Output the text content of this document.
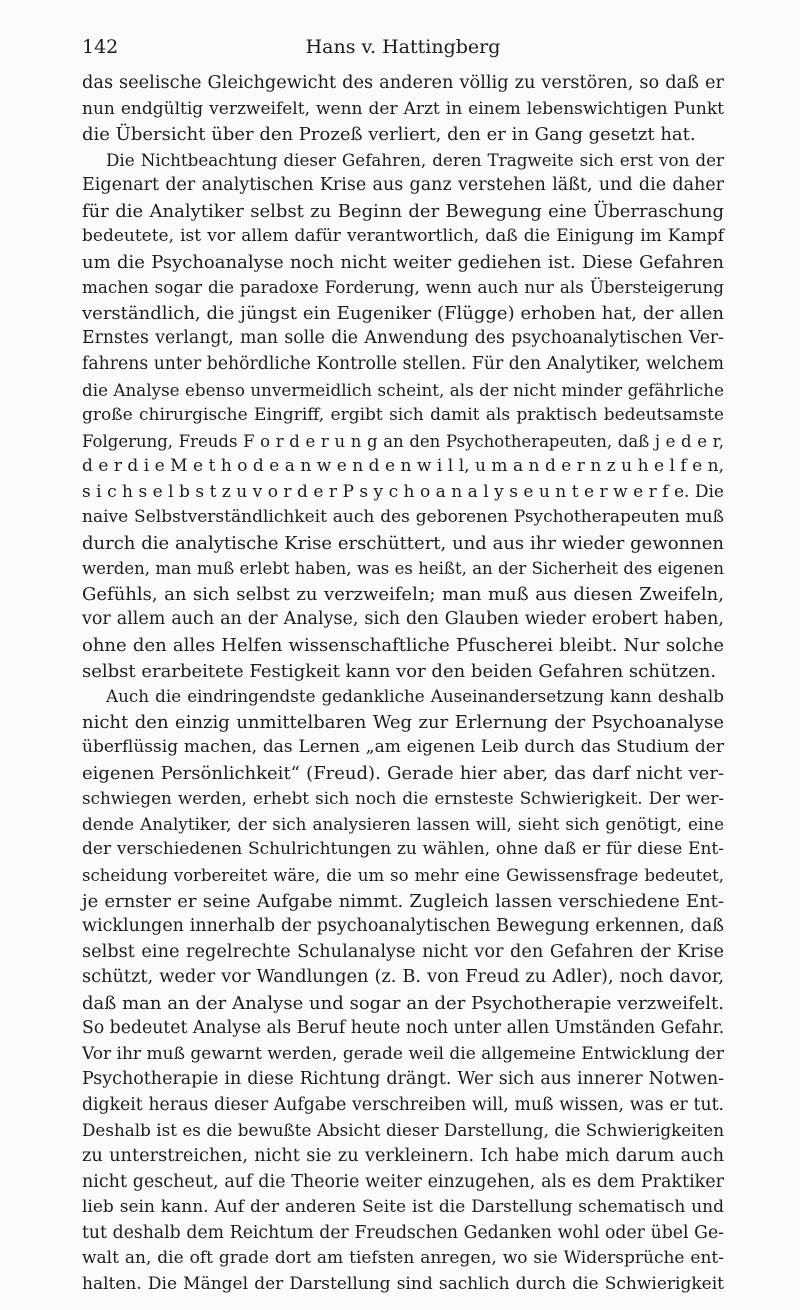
142	Hans v. Hattingberg
das seelische Gleichgewicht des anderen völlig zu verstören, so daß er
nun endgültig verzweifelt, wenn der Arzt in einem lebenswichtigen Punkt
die Übersicht über den Prozeß verliert, den er in Gang gesetzt hat.
Die Nichtbeachtung dieser Gefahren, deren Tragweite sich erst von der
Eigenart der analytischen Krise aus ganz verstehen läßt, und die daher
für die Analytiker selbst zu Beginn der Bewegung eine Überraschung
bedeutete, ist vor allem dafür verantwortlich, daß die Einigung im Kampf
um die Psychoanalyse noch nicht weiter gediehen ist. Diese Gefahren
machen sogar die paradoxe Forderung, wenn auch nur als Übersteigerung
verständlich, die jüngst ein Eugeniker (Flügge) erhoben hat, der allen
Ernstes verlangt, man solle die Anwendung des psychoanalytischen Ver-
fahrens unter behördliche Kontrolle stellen. Für den Analytiker, welchem
die Analyse ebenso unvermeidlich scheint, als der nicht minder gefährliche
große chirurgische Eingriff, ergibt sich damit als praktisch bedeutsamste
Folgerung, Freuds F o r d e r u n g an den Psychotherapeuten, daß j e d e r,
d e r d i e M e t h o d e a n w e n d e n w i l l, u m a n d e r n z u h e l f e n,
s i c h s e l b s t z u v o r d e r P s y c h o a n a l y s e u n t e r w e r f e. Die
naive Selbstverständlichkeit auch des geborenen Psychotherapeuten muß
durch die analytische Krise erschüttert, und aus ihr wieder gewonnen
werden, man muß erlebt haben, was es heißt, an der Sicherheit des eigenen
Gefühls, an sich selbst zu verzweifeln; man muß aus diesen Zweifeln,
vor allem auch an der Analyse, sich den Glauben wieder erobert haben,
ohne den alles Helfen wissenschaftliche Pfuscherei bleibt. Nur solche
selbst erarbeitete Festigkeit kann vor den beiden Gefahren schützen.
Auch die eindringendste gedankliche Auseinandersetzung kann deshalb
nicht den einzig unmittelbaren Weg zur Erlernung der Psychoanalyse
überflüssig machen, das Lernen „am eigenen Leib durch das Studium der
eigenen Persönlichkeit“ (Freud). Gerade hier aber, das darf nicht ver-
schwiegen werden, erhebt sich noch die ernsteste Schwierigkeit. Der wer-
dende Analytiker, der sich analysieren lassen will, sieht sich genötigt, eine
der verschiedenen Schulrichtungen zu wählen, ohne daß er für diese Ent-
scheidung vorbereitet wäre, die um so mehr eine Gewissensfrage bedeutet,
je ernster er seine Aufgabe nimmt. Zugleich lassen verschiedene Ent-
wicklungen innerhalb der psychoanalytischen Bewegung erkennen, daß
selbst eine regelrechte Schulanalyse nicht vor den Gefahren der Krise
schützt, weder vor Wandlungen (z. B. von Freud zu Adler), noch davor,
daß man an der Analyse und sogar an der Psychotherapie verzweifelt.
So bedeutet Analyse als Beruf heute noch unter allen Umständen Gefahr.
Vor ihr muß gewarnt werden, gerade weil die allgemeine Entwicklung der
Psychotherapie in diese Richtung drängt. Wer sich aus innerer Notwen-
digkeit heraus dieser Aufgabe verschreiben will, muß wissen, was er tut.
Deshalb ist es die bewußte Absicht dieser Darstellung, die Schwierigkeiten
zu unterstreichen, nicht sie zu verkleinern. Ich habe mich darum auch
nicht gescheut, auf die Theorie weiter einzugehen, als es dem Praktiker
lieb sein kann. Auf der anderen Seite ist die Darstellung schematisch und
tut deshalb dem Reichtum der Freudschen Gedanken wohl oder übel Ge-
walt an, die oft grade dort am tiefsten anregen, wo sie Widersprüche ent-
halten. Die Mängel der Darstellung sind sachlich durch die Schwierigkeit
